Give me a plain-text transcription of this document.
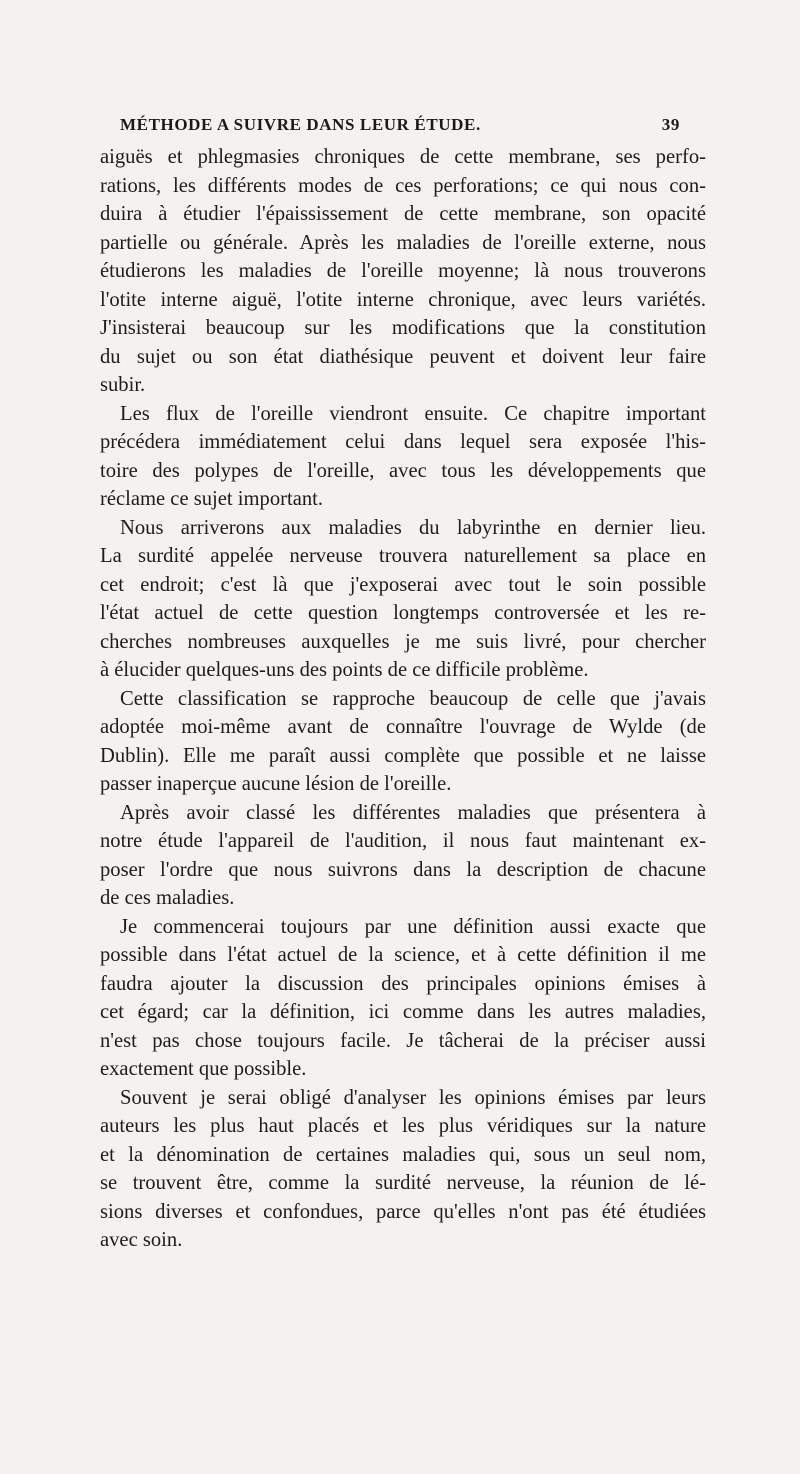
MÉTHODE A SUIVRE DANS LEUR ÉTUDE.	39
aiguës et phlegmasies chroniques de cette membrane, ses perfo-
rations, les différents modes de ces perforations; ce qui nous con-
duira à étudier l'épaississement de cette membrane, son opacité
partielle ou générale. Après les maladies de l'oreille externe, nous
étudierons les maladies de l'oreille moyenne; là nous trouverons
l'otite interne aiguë, l'otite interne chronique, avec leurs variétés.
J'insisterai beaucoup sur les modifications que la constitution
du sujet ou son état diathésique peuvent et doivent leur faire
subir.
Les flux de l'oreille viendront ensuite. Ce chapitre important
précédera immédiatement celui dans lequel sera exposée l'his-
toire des polypes de l'oreille, avec tous les développements que
réclame ce sujet important.
Nous arriverons aux maladies du labyrinthe en dernier lieu.
La surdité appelée nerveuse trouvera naturellement sa place en
cet endroit; c'est là que j'exposerai avec tout le soin possible
l'état actuel de cette question longtemps controversée et les re-
cherches nombreuses auxquelles je me suis livré, pour chercher
à élucider quelques-uns des points de ce difficile problème.
Cette classification se rapproche beaucoup de celle que j'avais
adoptée moi-même avant de connaître l'ouvrage de Wylde (de
Dublin). Elle me paraît aussi complète que possible et ne laisse
passer inaperçue aucune lésion de l'oreille.
Après avoir classé les différentes maladies que présentera à
notre étude l'appareil de l'audition, il nous faut maintenant ex-
poser l'ordre que nous suivrons dans la description de chacune
de ces maladies.
Je commencerai toujours par une définition aussi exacte que
possible dans l'état actuel de la science, et à cette définition il me
faudra ajouter la discussion des principales opinions émises à
cet égard; car la définition, ici comme dans les autres maladies,
n'est pas chose toujours facile. Je tâcherai de la préciser aussi
exactement que possible.
Souvent je serai obligé d'analyser les opinions émises par leurs
auteurs les plus haut placés et les plus véridiques sur la nature
et la dénomination de certaines maladies qui, sous un seul nom,
se trouvent être, comme la surdité nerveuse, la réunion de lé-
sions diverses et confondues, parce qu'elles n'ont pas été étudiées
avec soin.
